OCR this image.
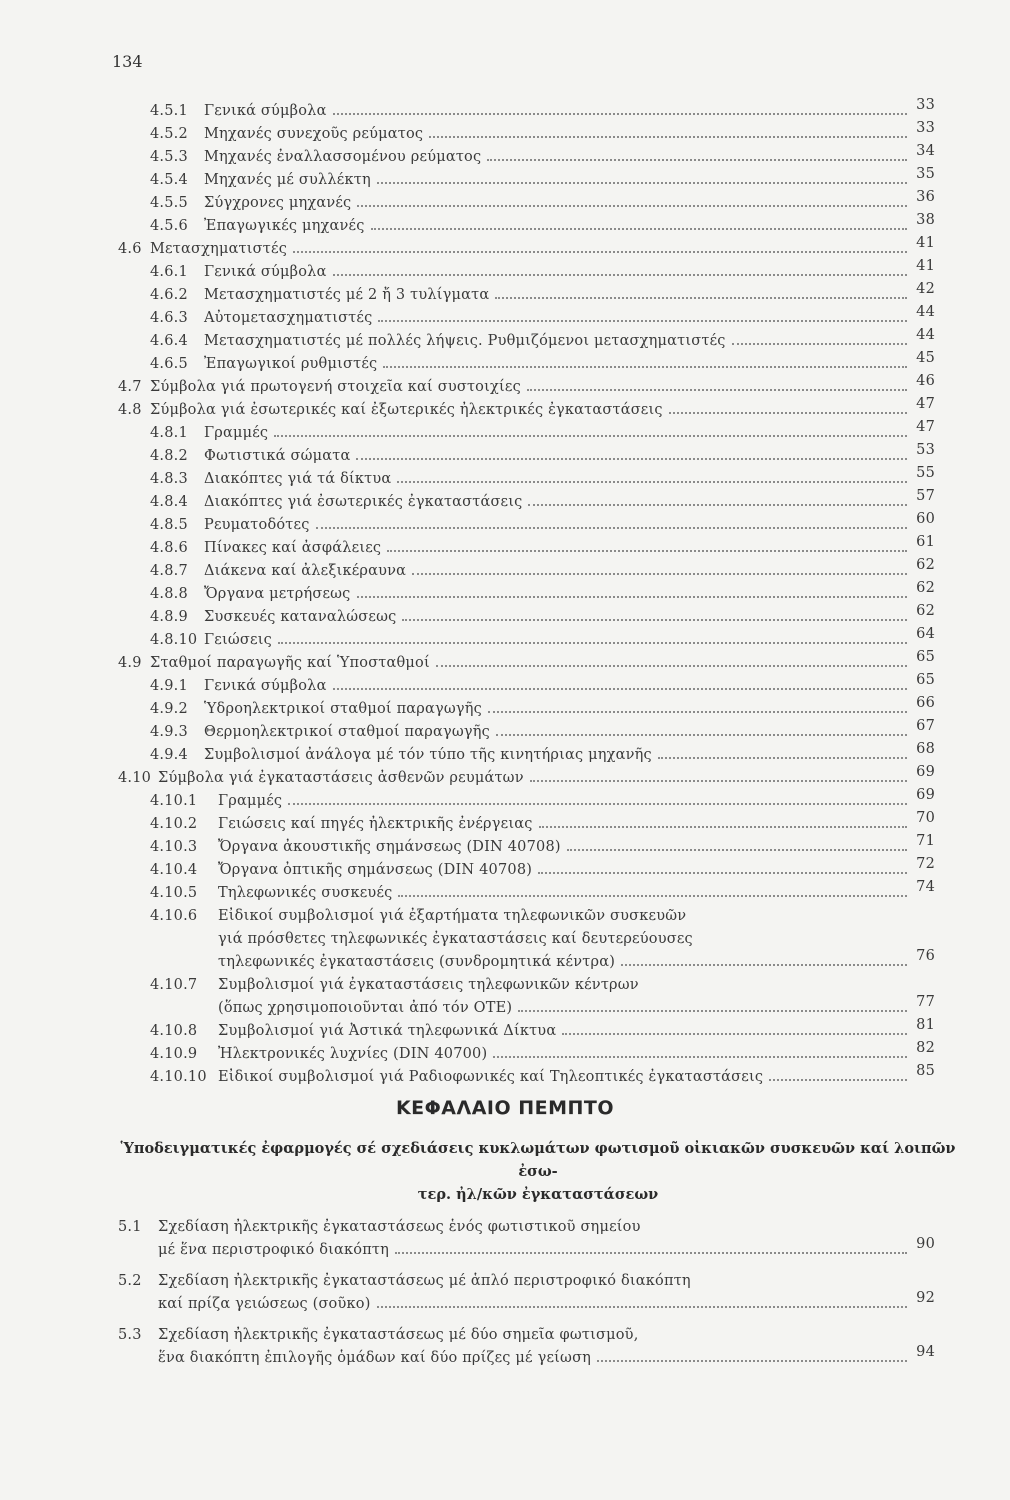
134
4.5.1	Γενικά σύμβολα	33
4.5.2	Μηχανές συνεχοῦς ρεύματος	33
4.5.3	Μηχανές ἐναλλασσομένου ρεύματος	34
4.5.4	Μηχανές μέ συλλέκτη	35
4.5.5	Σύγχρονες μηχανές	36
4.5.6	Ἐπαγωγικές μηχανές	38
4.6 Μετασχηματιστές	41
4.6.1	Γενικά σύμβολα	41
4.6.2	Μετασχηματιστές μέ 2 ἤ 3 τυλίγματα	42
4.6.3	Αὐτομετασχηματιστές	44
4.6.4	Μετασχηματιστές μέ πολλές λήψεις. Ρυθμιζόμενοι μετασχηματιστές	44
4.6.5	Ἐπαγωγικοί ρυθμιστές	45
4.7 Σύμβολα γιά πρωτογενή στοιχεῖα καί συστοιχίες	46
4.8 Σύμβολα γιά ἐσωτερικές καί ἐξωτερικές ἠλεκτρικές ἐγκαταστάσεις	47
4.8.1	Γραμμές	47
4.8.2	Φωτιστικά σώματα	53
4.8.3	Διακόπτες γιά τά δίκτυα	55
4.8.4	Διακόπτες γιά ἐσωτερικές ἐγκαταστάσεις	57
4.8.5	Ρευματοδότες	60
4.8.6	Πίνακες καί ἀσφάλειες	61
4.8.7	Διάκενα καί ἀλεξικέραυνα	62
4.8.8	Ὄργανα μετρήσεως	62
4.8.9	Συσκευές καταναλώσεως	62
4.8.10 Γειώσεις	64
4.9 Σταθμοί παραγωγῆς καί Ὑποσταθμοί	65
4.9.1	Γενικά σύμβολα	65
4.9.2	Ὑδροηλεκτρικοί σταθμοί παραγωγῆς	66
4.9.3	Θερμοηλεκτρικοί σταθμοί παραγωγῆς	67
4.9.4	Συμβολισμοί ἀνάλογα μέ τόν τύπο τῆς κινητήριας μηχανῆς	68
4.10 Σύμβολα γιά ἐγκαταστάσεις ἀσθενῶν ρευμάτων	69
4.10.1	Γραμμές	69
4.10.2	Γειώσεις καί πηγές ἠλεκτρικῆς ἐνέργειας	70
4.10.3	Ὄργανα ἀκουστικῆς σημάνσεως (DIN 40708)	71
4.10.4	Ὄργανα ὀπτικῆς σημάνσεως (DIN 40708)	72
4.10.5	Τηλεφωνικές συσκευές	74
4.10.6	Εἰδικοί συμβολισμοί γιά ἐξαρτήματα τηλεφωνικῶν συσκευῶν
γιά πρόσθετες τηλεφωνικές ἐγκαταστάσεις καί δευτερεύουσες
τηλεφωνικές ἐγκαταστάσεις (συνδρομητικά κέντρα)	76
4.10.7	Συμβολισμοί γιά ἐγκαταστάσεις τηλεφωνικῶν κέντρων
(ὅπως χρησιμοποιοῦνται ἀπό τόν ΟΤΕ)	77
4.10.8	Συμβολισμοί γιά Ἀστικά τηλεφωνικά Δίκτυα	81
4.10.9	Ἠλεκτρονικές λυχνίες (DIN 40700)	82
4.10.10 Εἰδικοί συμβολισμοί γιά Ραδιοφωνικές καί Τηλεοπτικές ἐγκαταστάσεις	85
ΚΕΦΑΛΑΙΟ ΠΕΜΠΤΟ
Ὑποδειγματικές ἐφαρμογές σέ σχεδιάσεις κυκλωμάτων φωτισμοῦ οἰκιακῶν συσκευῶν καί λοιπῶν ἐσω-
τερ. ἠλ/κῶν ἐγκαταστάσεων
5.1 Σχεδίαση ἠλεκτρικῆς ἐγκαταστάσεως ἑνός φωτιστικοῦ σημείου
μέ ἕνα περιστροφικό διακόπτη	90
5.2 Σχεδίαση ἠλεκτρικῆς ἐγκαταστάσεως μέ ἁπλό περιστροφικό διακόπτη
καί πρίζα γειώσεως (σοῦκο)	92
5.3 Σχεδίαση ἠλεκτρικῆς ἐγκαταστάσεως μέ δύο σημεῖα φωτισμοῦ,
ἕνα διακόπτη ἐπιλογῆς ὁμάδων καί δύο πρίζες μέ γείωση	94
